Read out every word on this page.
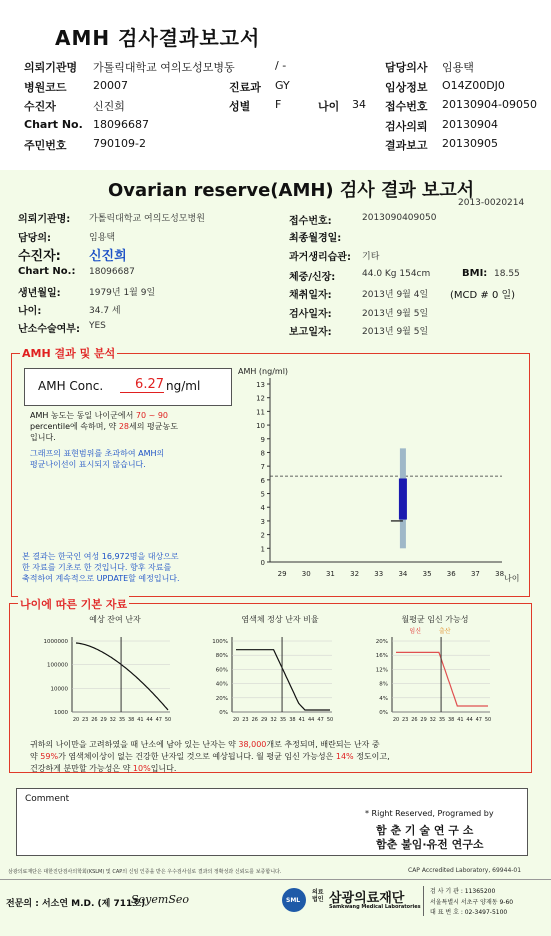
AMH 검사결과보고서
의뢰기관명 가톨릭대학교 여의도성모병동	/ -	담당의사 임용택
병원코드 20007	진료과 GY	임상정보 O14Z00DJ0
수진자	신진희	성별 F	나이 34 접수번호 20130904-09050
Chart No. 18096687	검사의뢰 20130904
주민번호 790109-2	결과보고 20130905
Ovarian reserve(AMH) 검사 결과 보고서
2013-0020214
의뢰기관명: 가톨릭대학교 여의도성모병원
담당의:	임용택
수진자: 신진희
Chart No.: 18096687
생년월일:	1979년 1월 9일
나이:	34.7 세
난소수술여부: YES
접수번호:	2013090409050
최종월경일:
과거생리습관: 기타
체중/신장:	44.0 Kg 154cm	BMI: 18.55
채취일자:	2013년 9월 4일 (MCD # 0 일)
검사일자:	2013년 9월 5일
보고일자:	2013년 9월 5일
AMH 결과 및 분석
AMH Conc.	6.27 ng/ml
AMH 농도는 동일 나이군에서 70 ~ 90
percentile에 속하며, 약 28세의 평균농도
입니다.
그래프의 표현범위를 초과하여 AMH의
평균나이선이 표시되지 않습니다.
본 결과는 한국인 여성 16,972명을 대상으로
한 자료를 기초로 한 것입니다. 향후 자료를
축적하여 계속적으로 UPDATE할 예정입니다.
AMH (ng/ml)
0
1
2
3
4
5
6
7
8
9
10
11
12
13
29 30 31 32 33 34 35 36 37 38 나이
나이에 따른 기본 자료
예상 잔여 난자
1000000
100000
10000
1000
20 23 26 29 32 35 38 41 44 47 50
염색체 정상 난자 비율
100%
80%
60%
40%
20%
0%
20 23 26 29 32 35 38 41 44 47 50
월평균 임신 가능성
임신	출산
20%
16%
12%
8%
4%
0%
20 23 26 29 32 35 38 41 44 47 50
귀하의 나이만을 고려하였을 때 난소에 남아 있는 난자는 약 38,000개로 추정되며, 배란되는 난자 중
약 59%가 염색체이상이 없는 건강한 난자일 것으로 예상됩니다. 월 평균 임신 가능성은 14% 정도이고,
건강하게 분만할 가능성은 약 10%입니다.
Comment
* Right Reserved, Programed by
함 춘 기 술 연 구 소
함춘 불임·유전 연구소
삼광의료재단은 대한진단검사의학회(KSLM) 및 CAP의 신임 인증을 받은 우수검사실로 결과의 정확성과 신뢰도를 보증합니다.	CAP Accredited Laboratory, 69944-01
전문의 : 서소연 M.D. (제 711호)
SoyemSeo	SML
의료법인 삼광의료재단
Samkwang Medical Laboratories
검 사 기 관 : 11365200
서울특별시 서초구 양재동 9-60
대 표 번 호 : 02-3497-5100
